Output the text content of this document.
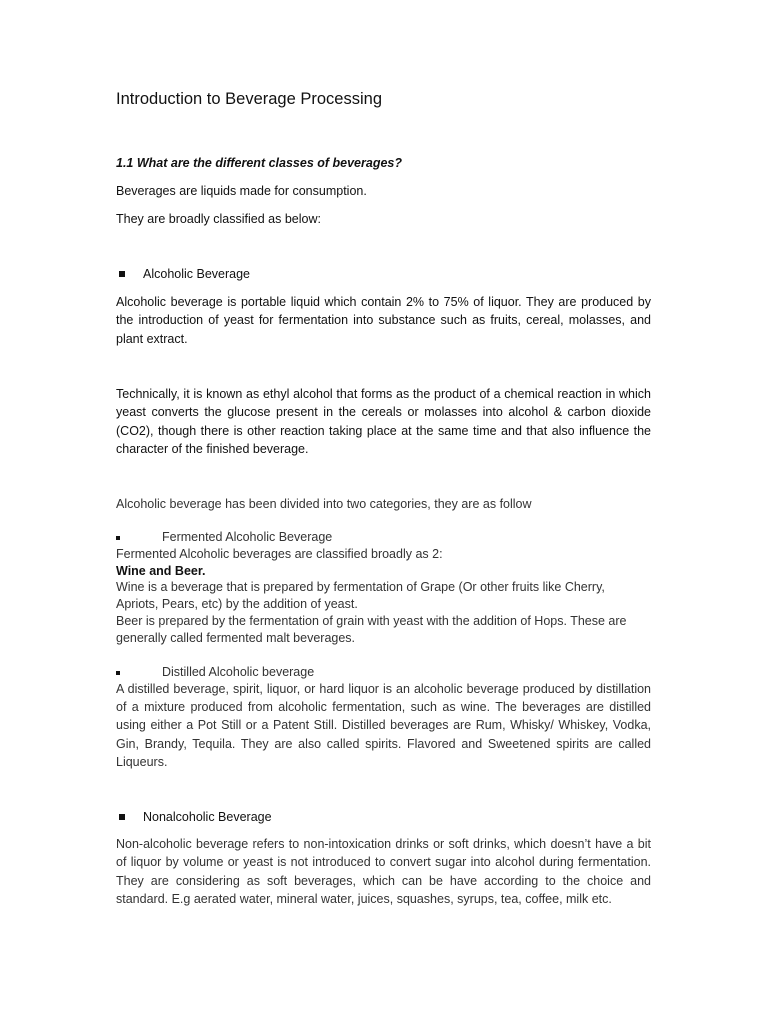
Introduction to Beverage Processing
1.1 What are the different classes of beverages?
Beverages are liquids made for consumption.
They are broadly classified as below:
Alcoholic Beverage
Alcoholic beverage is portable liquid which contain 2% to 75% of liquor. They are produced by the introduction of yeast for fermentation into substance such as fruits, cereal, molasses, and plant extract.
Technically, it is known as ethyl alcohol that forms as the product of a chemical reaction in which yeast converts the glucose present in the cereals or molasses into alcohol & carbon dioxide (CO2), though there is other reaction taking place at the same time and that also influence the character of the finished beverage.
Alcoholic beverage has been divided into two categories, they are as follow
Fermented Alcoholic Beverage
Fermented Alcoholic beverages are classified broadly as 2:
Wine and Beer.
Wine is a beverage that is prepared by fermentation of Grape (Or other fruits like Cherry,
Apriots, Pears, etc) by the addition of yeast.
Beer is prepared by the fermentation of grain with yeast with the addition of Hops. These are
generally called fermented malt beverages.
Distilled Alcoholic beverage
A distilled beverage, spirit, liquor, or hard liquor is an alcoholic beverage produced by distillation of a mixture produced from alcoholic fermentation, such as wine. The beverages are distilled using either a Pot Still or a Patent Still. Distilled beverages are Rum, Whisky/ Whiskey, Vodka, Gin, Brandy, Tequila. They are also called spirits. Flavored and Sweetened spirits are called Liqueurs.
Nonalcoholic Beverage
Non-alcoholic beverage refers to non-intoxication drinks or soft drinks, which doesn’t have a bit of liquor by volume or yeast is not introduced to convert sugar into alcohol during fermentation. They are considering as soft beverages, which can be have according to the choice and standard. E.g aerated water, mineral water, juices, squashes, syrups, tea, coffee, milk etc.
